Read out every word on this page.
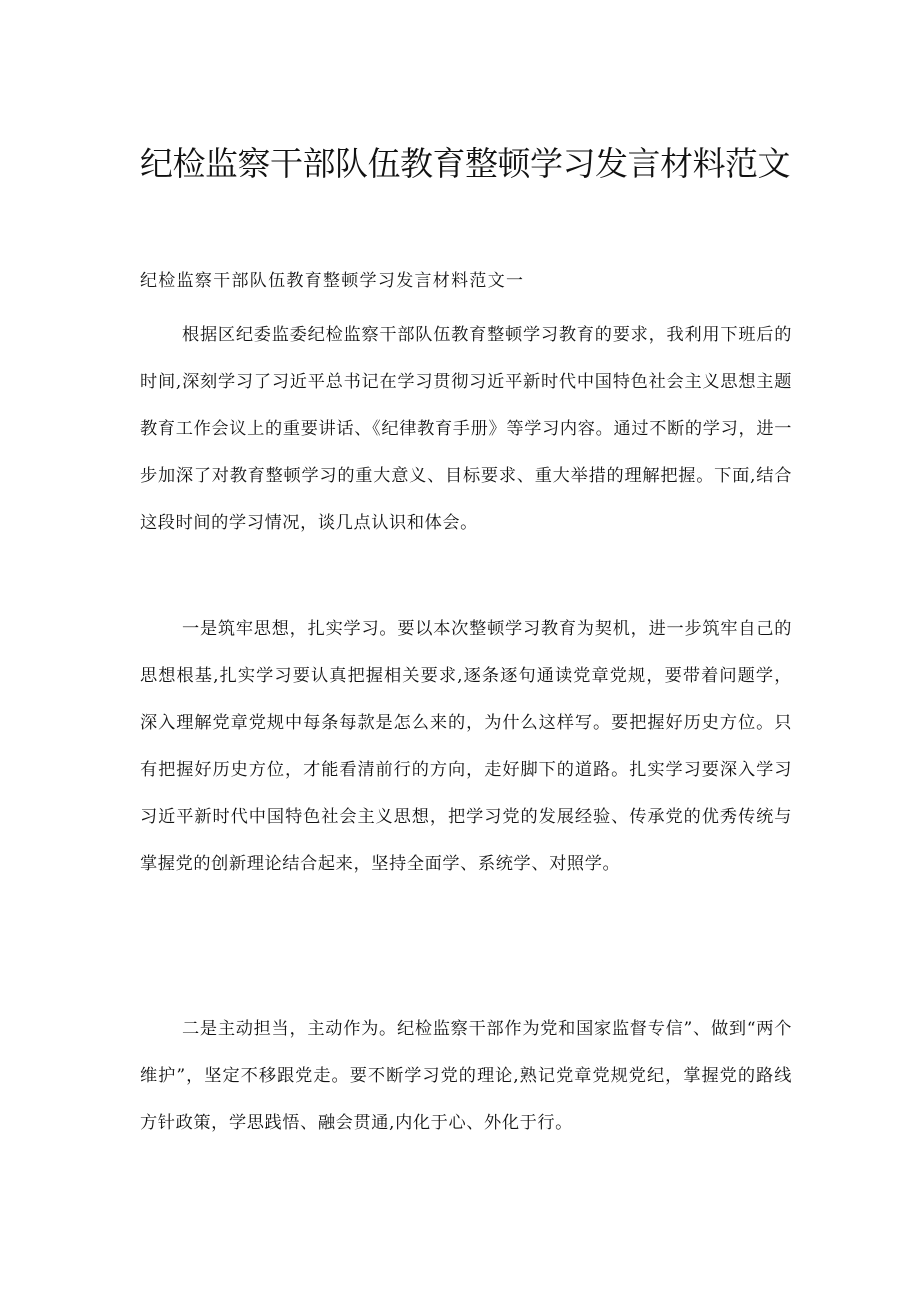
纪检监察干部队伍教育整顿学习发言材料范文

纪检监察干部队伍教育整顿学习发言材料范文一

根据区纪委监委纪检监察干部队伍教育整顿学习教育的要求，我利用下班后的时间,深刻学习了习近平总书记在学习贯彻习近平新时代中国特色社会主义思想主题教育工作会议上的重要讲话、《纪律教育手册》等学习内容。通过不断的学习，进一步加深了对教育整顿学习的重大意义、目标要求、重大举措的理解把握。下面,结合这段时间的学习情况，谈几点认识和体会。

一是筑牢思想，扎实学习。要以本次整顿学习教育为契机，进一步筑牢自己的思想根基,扎实学习要认真把握相关要求,逐条逐句通读党章党规，要带着问题学，深入理解党章党规中每条每款是怎么来的，为什么这样写。要把握好历史方位。只有把握好历史方位，才能看清前行的方向，走好脚下的道路。扎实学习要深入学习习近平新时代中国特色社会主义思想，把学习党的发展经验、传承党的优秀传统与掌握党的创新理论结合起来，坚持全面学、系统学、对照学。

二是主动担当，主动作为。纪检监察干部作为党和国家监督专信”、做到“两个维护”，坚定不移跟党走。要不断学习党的理论,熟记党章党规党纪，掌握党的路线方针政策，学思践悟、融会贯通,内化于心、外化于行。
